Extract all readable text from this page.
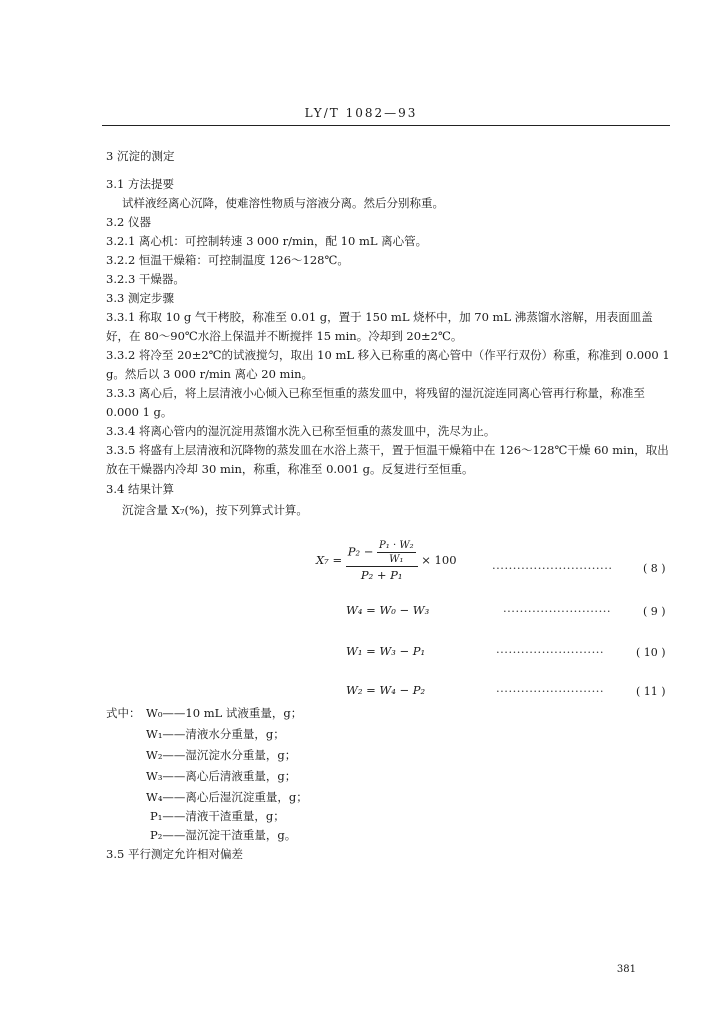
LY/T 1082—93
3 沉淀的测定
3.1 方法提要
试样液经离心沉降，使难溶性物质与溶液分离。然后分别称重。
3.2 仪器
3.2.1 离心机：可控制转速 3 000 r/min，配 10 mL 离心管。
3.2.2 恒温干燥箱：可控制温度 126～128℃。
3.2.3 干燥器。
3.3 测定步骤
3.3.1 称取 10 g 气干栲胶，称准至 0.01 g，置于 150 mL 烧杯中，加 70 mL 沸蒸馏水溶解，用表面皿盖好，在 80～90℃水浴上保温并不断搅拌 15 min。冷却到 20±2℃。
3.3.2 将冷至 20±2℃的试液搅匀，取出 10 mL 移入已称重的离心管中（作平行双份）称重，称准到 0.000 1 g。然后以 3 000 r/min 离心 20 min。
3.3.3 离心后，将上层清液小心倾入已称至恒重的蒸发皿中，将残留的湿沉淀连同离心管再行称量，称准至 0.000 1 g。
3.3.4 将离心管内的湿沉淀用蒸馏水洗入已称至恒重的蒸发皿中，洗尽为止。
3.3.5 将盛有上层清液和沉降物的蒸发皿在水浴上蒸干，置于恒温干燥箱中在 126～128℃干燥 60 min，取出放在干燥器内冷却 30 min，称重，称准至 0.001 g。反复进行至恒重。
3.4 结果计算
沉淀含量 X₇(%)，按下列算式计算。
$X_7 = \frac{P_2 - \frac{\text{P₁ · W₂}}{\text{W₁}}}{\text{P₂ + P₁}} \times 100$
·····························	( 8 )
W₄ = W₀ − W₃	··························	( 9 )
W₁ = W₃ − P₁	··························	( 10 )
W₂ = W₄ − P₂	··························	( 11 )
式中： W₀——10 mL 试液重量，g；
W₁——清液水分重量，g；
W₂——湿沉淀水分重量，g；
W₃——离心后清液重量，g；
W₄——离心后湿沉淀重量，g；
P₁——清液干渣重量，g；
P₂——湿沉淀干渣重量，g。
3.5 平行测定允许相对偏差
381
